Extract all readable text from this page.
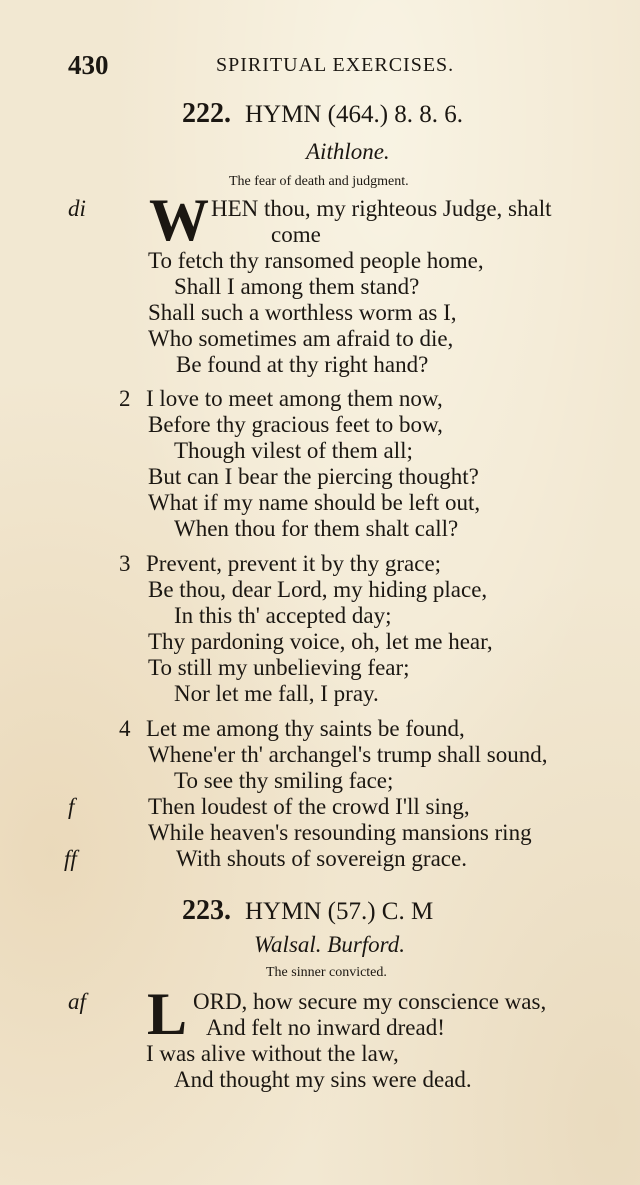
430	SPIRITUAL EXERCISES.
222. HYMN (464.) 8. 8. 6.
Aithlone.
The fear of death and judgment.
di W HEN thou, my righteous Judge, shalt
come
To fetch thy ransomed people home,
Shall I among them stand?
Shall such a worthless worm as I,
Who sometimes am afraid to die,
Be found at thy right hand?
2 I love to meet among them now,
Before thy gracious feet to bow,
Though vilest of them all;
But can I bear the piercing thought?
What if my name should be left out,
When thou for them shalt call?
3 Prevent, prevent it by thy grace;
Be thou, dear Lord, my hiding place,
In this th' accepted day;
Thy pardoning voice, oh, let me hear,
To still my unbelieving fear;
Nor let me fall, I pray.
4 Let me among thy saints be found,
Whene'er th' archangel's trump shall sound,
To see thy smiling face;
f	Then loudest of the crowd I'll sing,
While heaven's resounding mansions ring
ff	With shouts of sovereign grace.
223. HYMN (57.) C. M
Walsal. Burford.
The sinner convicted.
af L ORD, how secure my conscience was,
And felt no inward dread!
I was alive without the law,
And thought my sins were dead.
